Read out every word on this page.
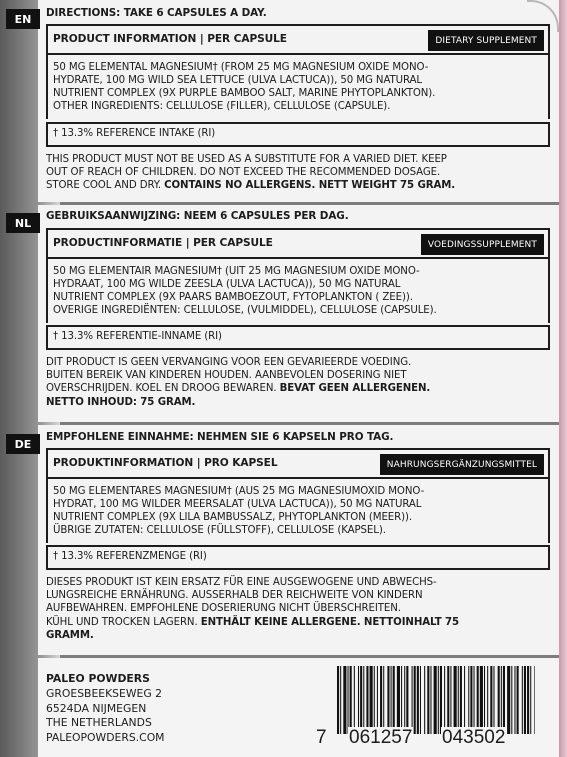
EN	DIRECTIONS: TAKE 6 CAPSULES A DAY.
PRODUCT INFORMATION | PER CAPSULE	DIETARY SUPPLEMENT
50 MG ELEMENTAL MAGNESIUM† (FROM 25 MG MAGNESIUM OXIDE MONO-
HYDRATE, 100 MG WILD SEA LETTUCE (ULVA LACTUCA)), 50 MG NATURAL
NUTRIENT COMPLEX (9X PURPLE BAMBOO SALT, MARINE PHYTOPLANKTON).
OTHER INGREDIENTS: CELLULOSE (FILLER), CELLULOSE (CAPSULE).
† 13.3% REFERENCE INTAKE (RI)
THIS PRODUCT MUST NOT BE USED AS A SUBSTITUTE FOR A VARIED DIET. KEEP
OUT OF REACH OF CHILDREN. DO NOT EXCEED THE RECOMMENDED DOSAGE.
STORE COOL AND DRY. CONTAINS NO ALLERGENS. NETT WEIGHT 75 GRAM.
NL
GEBRUIKSAANWIJZING: NEEM 6 CAPSULES PER DAG.
PRODUCTINFORMATIE | PER CAPSULE	VOEDINGSSUPPLEMENT
50 MG ELEMENTAIR MAGNESIUM† (UIT 25 MG MAGNESIUM OXIDE MONO-
HYDRAAT, 100 MG WILDE ZEESLA (ULVA LACTUCA)), 50 MG NATURAL
NUTRIENT COMPLEX (9X PAARS BAMBOEZOUT, FYTOPLANKTON ( ZEE)).
OVERIGE INGREDIËNTEN: CELLULOSE, (VULMIDDEL), CELLULOSE (CAPSULE).
† 13.3% REFERENTIE-INNAME (RI)
DIT PRODUCT IS GEEN VERVANGING VOOR EEN GEVARIEERDE VOEDING.
BUITEN BEREIK VAN KINDEREN HOUDEN. AANBEVOLEN DOSERING NIET
OVERSCHRIJDEN. KOEL EN DROOG BEWAREN. BEVAT GEEN ALLERGENEN.
NETTO INHOUD: 75 GRAM.
DE
EMPFOHLENE EINNAHME: NEHMEN SIE 6 KAPSELN PRO TAG.
PRODUKTINFORMATION | PRO KAPSEL	NAHRUNGSERGÄNZUNGSMITTEL
50 MG ELEMENTARES MAGNESIUM† (AUS 25 MG MAGNESIUMOXID MONO-
HYDRAT, 100 MG WILDER MEERSALAT (ULVA LACTUCA)), 50 MG NATURAL
NUTRIENT COMPLEX (9X LILA BAMBUSSALZ, PHYTOPLANKTON (MEER)).
ÜBRIGE ZUTATEN: CELLULOSE (FÜLLSTOFF), CELLULOSE (KAPSEL).
† 13.3% REFERENZMENGE (RI)
DIESES PRODUKT IST KEIN ERSATZ FÜR EINE AUSGEWOGENE UND ABWECHS-
LUNGSREICHE ERNÄHRUNG. AUSSERHALB DER REICHWEITE VON KINDERN
AUFBEWAHREN. EMPFOHLENE DOSERIERUNG NICHT ÜBERSCHREITEN.
KÜHL UND TROCKEN LAGERN. ENTHÄLT KEINE ALLERGENE. NETTOINHALT 75
GRAMM.
PALEO POWDERS
GROESBEEKSEWEG 2
6524DA NIJMEGEN
THE NETHERLANDS
PALEOPOWDERS.COM	7 061257 043502
